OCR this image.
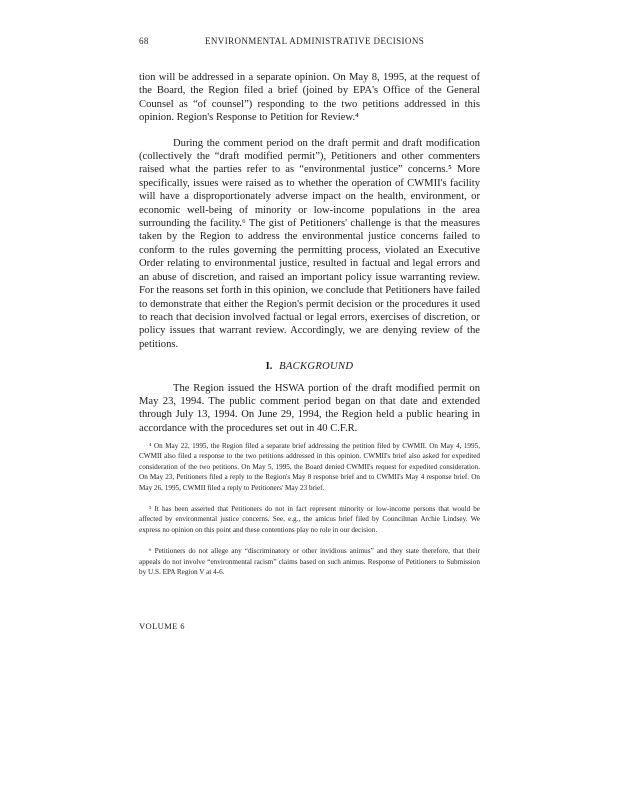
68	ENVIRONMENTAL ADMINISTRATIVE DECISIONS

tion will be addressed in a separate opinion. On May 8, 1995, at the request of the Board, the Region filed a brief (joined by EPA's Office of the General Counsel as “of counsel”) responding to the two petitions addressed in this opinion. Region's Response to Petition for Review.⁴

During the comment period on the draft permit and draft modification (collectively the “draft modified permit”), Petitioners and other commenters raised what the parties refer to as “environmental justice” concerns.⁵ More specifically, issues were raised as to whether the operation of CWMII's facility will have a disproportionately adverse impact on the health, environment, or economic well-being of minority or low-income populations in the area surrounding the facility.⁶ The gist of Petitioners' challenge is that the measures taken by the Region to address the environmental justice concerns failed to conform to the rules governing the permitting process, violated an Executive Order relating to environmental justice, resulted in factual and legal errors and an abuse of discretion, and raised an important policy issue warranting review. For the reasons set forth in this opinion, we conclude that Petitioners have failed to demonstrate that either the Region's permit decision or the procedures it used to reach that decision involved factual or legal errors, exercises of discretion, or policy issues that warrant review. Accordingly, we are denying review of the petitions.

I. BACKGROUND

The Region issued the HSWA portion of the draft modified permit on May 23, 1994. The public comment period began on that date and extended through July 13, 1994. On June 29, 1994, the Region held a public hearing in accordance with the procedures set out in 40 C.F.R.

⁴ On May 22, 1995, the Region filed a separate brief addressing the petition filed by CWMII. On May 4, 1995, CWMII also filed a response to the two petitions addressed in this opinion. CWMII's brief also asked for expedited consideration of the two petitions. On May 5, 1995, the Board denied CWMII's request for expedited consideration. On May 23, Petitioners filed a reply to the Region's May 8 response brief and to CWMII's May 4 response brief. On May 26, 1995, CWMII filed a reply to Petitioners' May 23 brief.

⁵ It has been asserted that Petitioners do not in fact represent minority or low-income persons that would be affected by environmental justice concerns. See, e.g., the amicus brief filed by Councilman Archie Lindsey. We express no opinion on this point and these contentions play no role in our decision.

⁶ Petitioners do not allege any “discriminatory or other invidious animus” and they state therefore, that their appeals do not involve “environmental racism” claims based on such animus. Response of Petitioners to Submission by U.S. EPA Region V at 4-6.

VOLUME 6
